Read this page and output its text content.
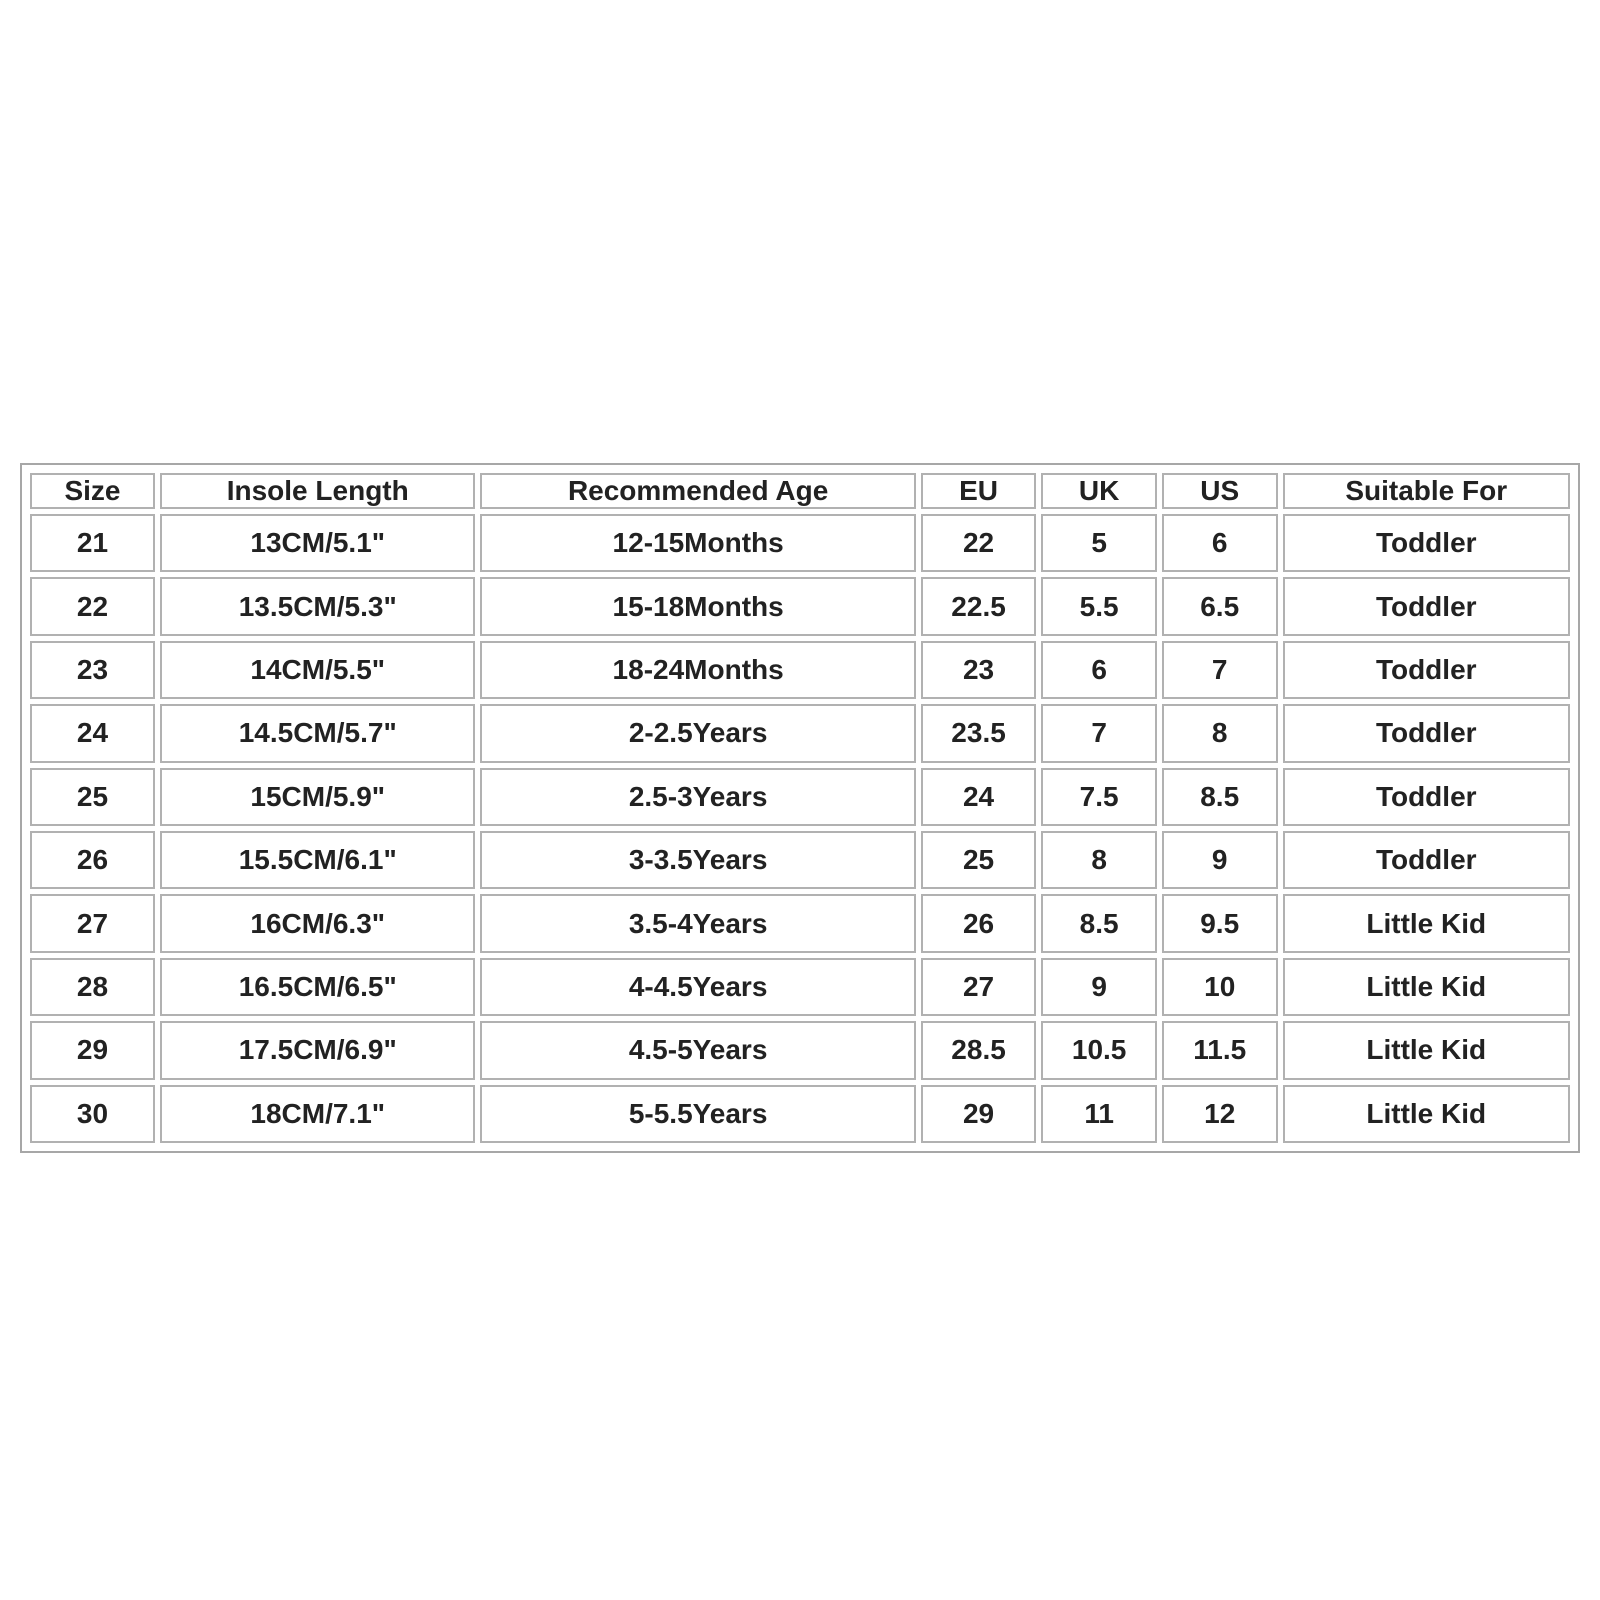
Size	Insole Length	Recommended Age	EU	UK	US	Suitable For
21	13CM/5.1"	12-15Months	22	5	6	Toddler
22	13.5CM/5.3"	15-18Months	22.5	5.5	6.5	Toddler
23	14CM/5.5"	18-24Months	23	6	7	Toddler
24	14.5CM/5.7"	2-2.5Years	23.5	7	8	Toddler
25	15CM/5.9"	2.5-3Years	24	7.5	8.5	Toddler
26	15.5CM/6.1"	3-3.5Years	25	8	9	Toddler
27	16CM/6.3"	3.5-4Years	26	8.5	9.5	Little Kid
28	16.5CM/6.5"	4-4.5Years	27	9	10	Little Kid
29	17.5CM/6.9"	4.5-5Years	28.5	10.5	11.5	Little Kid
30	18CM/7.1"	5-5.5Years	29	11	12	Little Kid
